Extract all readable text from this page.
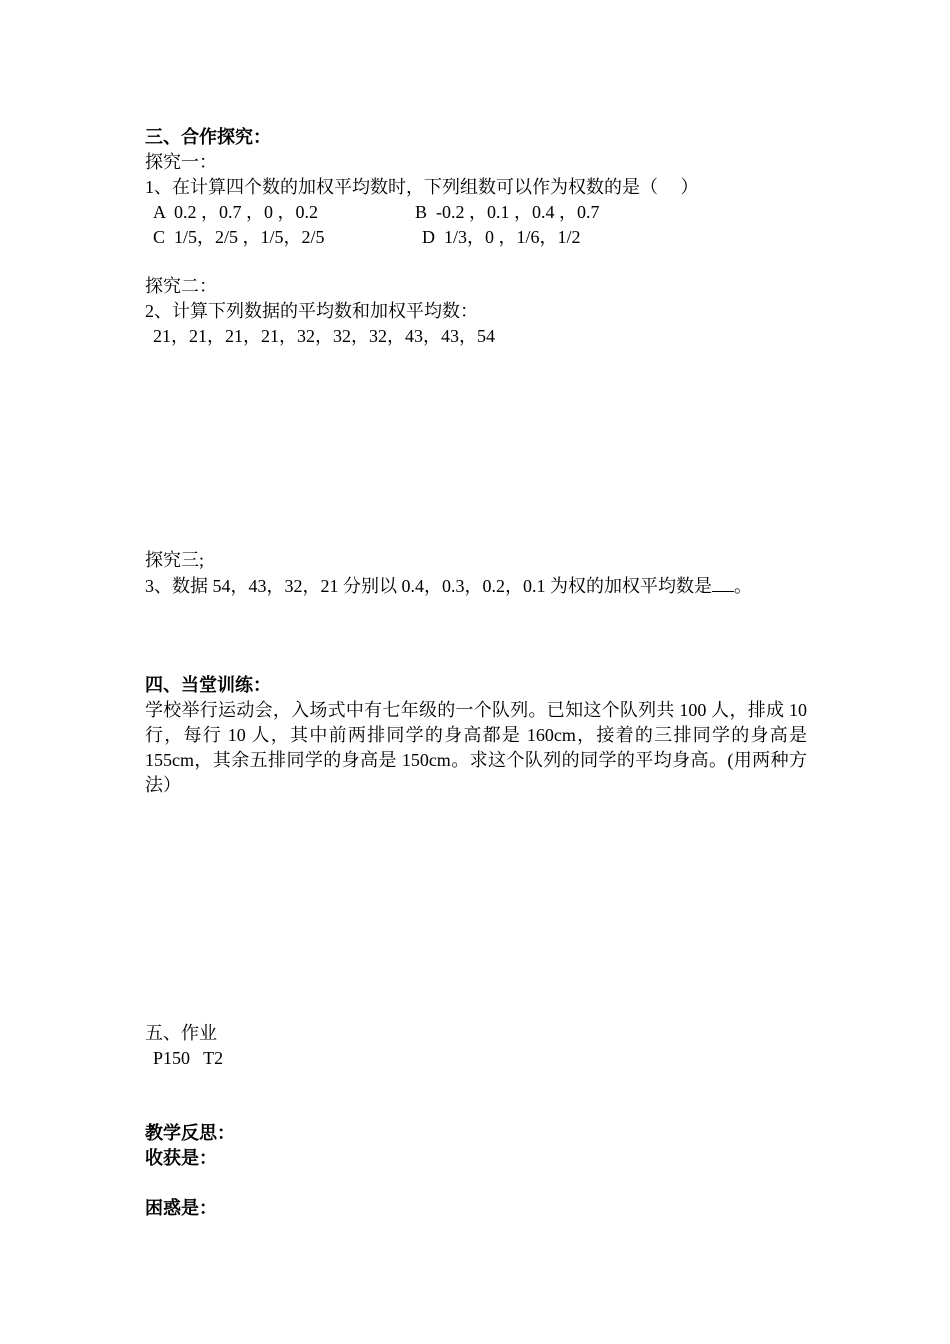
三、合作探究：
探究一：
1、在计算四个数的加权平均数时，下列组数可以作为权数的是（     ）
A  0.2 ，0.7 ，0 ，0.2	B  -0.2 ，0.1 ，0.4 ，0.7
C  1/5，2/5 ，1/5，2/5	D  1/3，0 ，1/6，1/2
探究二：
2、计算下列数据的平均数和加权平均数：
21，21，21，21，32，32，32，43，43，54
探究三;
3、数据 54，43，32，21 分别以 0.4，0.3，0.2，0.1 为权的加权平均数是 。
四、当堂训练：
学校举行运动会，入场式中有七年级的一个队列。已知这个队列共 100 人，排成 10 行，每行 10 人，其中前两排同学的身高都是 160cm，接着的三排同学的身高是 155cm，其余五排同学的身高是 150cm。求这个队列的同学的平均身高。(用两种方法）
五、作业
P150   T2
教学反思：
收获是：
困惑是：
